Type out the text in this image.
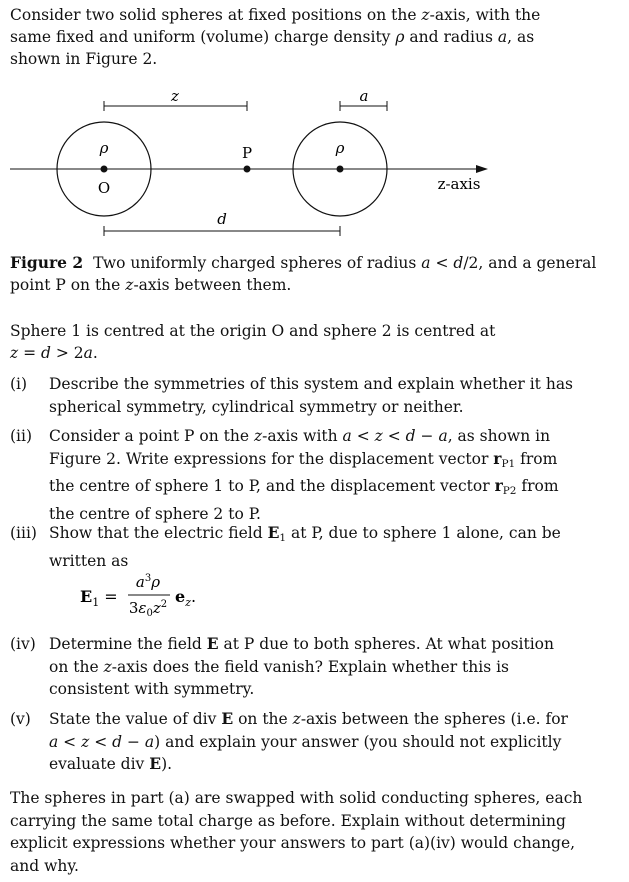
Consider two solid spheres at fixed positions on the z-axis, with the
same fixed and uniform (volume) charge density ρ and radius a, as
shown in Figure 2.
z	a
z-axis
ρ
O
P	ρ
d
Figure 2 Two uniformly charged spheres of radius a < d/2, and a general
point P on the z-axis between them.
Sphere 1 is centred at the origin O and sphere 2 is centred at
z = d > 2a.
(i) Describe the symmetries of this system and explain whether it has
spherical symmetry, cylindrical symmetry or neither.
(ii) Consider a point P on the z-axis with a < z < d − a, as shown in
Figure 2. Write expressions for the displacement vector $r_{P1}$ from
the centre of sphere 1 to P, and the displacement vector $r_{P2}$ from
the centre of sphere 2 to P.
(iii) Show that the electric field $E_1$ at P, due to sphere 1 alone, can be
written as
$E_1$ =
$a^3\rho$
$3\varepsilon_0z^2$ $e_z$.
(iv) Determine the field E at P due to both spheres. At what position
on the z-axis does the field vanish? Explain whether this is
consistent with symmetry.
(v) State the value of div E on the z-axis between the spheres (i.e. for
a < z < d − a) and explain your answer (you should not explicitly
evaluate div E).
The spheres in part (a) are swapped with solid conducting spheres, each
carrying the same total charge as before. Explain without determining
explicit expressions whether your answers to part (a)(iv) would change,
and why.
